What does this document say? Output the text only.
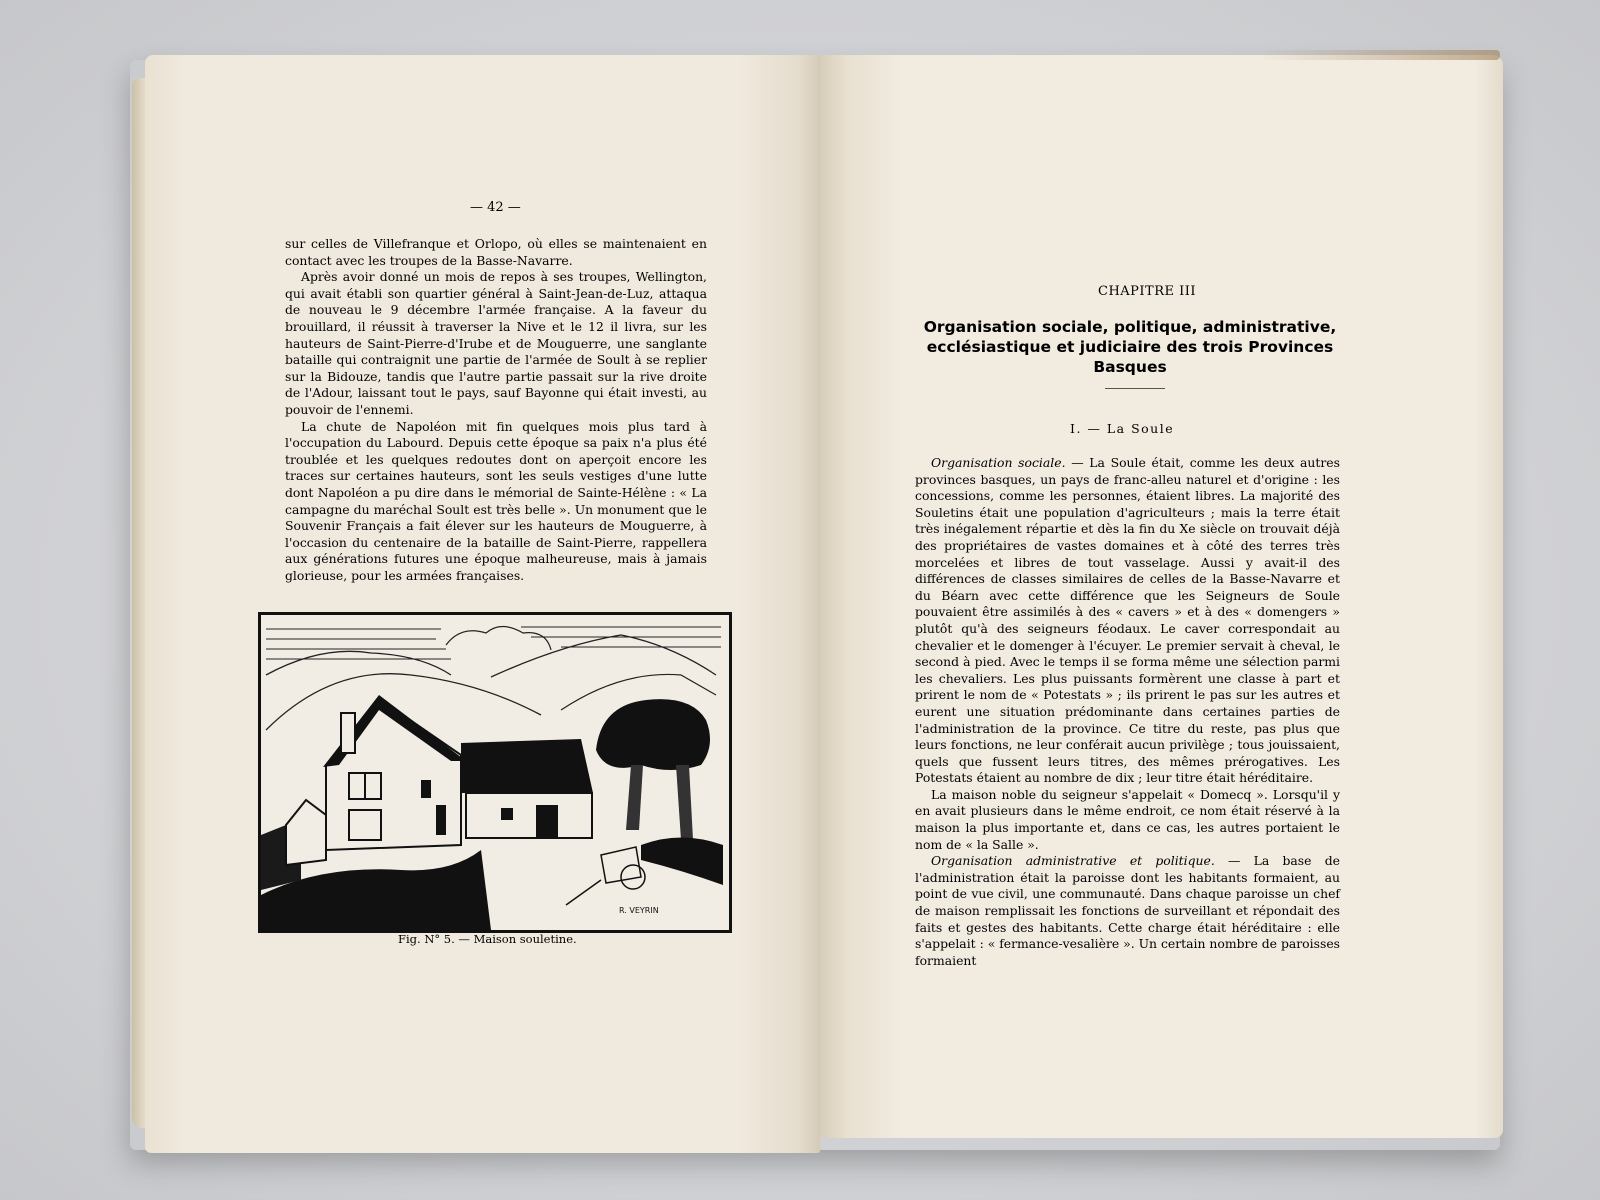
— 42 —

sur celles de Villefranque et Orlopo, où elles se maintenaient en contact avec les troupes de la Basse-Navarre.

Après avoir donné un mois de repos à ses troupes, Wellington, qui avait établi son quartier général à Saint-Jean-de-Luz, attaqua de nouveau le 9 décembre l'armée française. A la faveur du brouillard, il réussit à traverser la Nive et le 12 il livra, sur les hauteurs de Saint-Pierre-d'Irube et de Mouguerre, une sanglante bataille qui contraignit une partie de l'armée de Soult à se replier sur la Bidouze, tandis que l'autre partie passait sur la rive droite de l'Adour, laissant tout le pays, sauf Bayonne qui était investi, au pouvoir de l'ennemi.

La chute de Napoléon mit fin quelques mois plus tard à l'occupation du Labourd. Depuis cette époque sa paix n'a plus été troublée et les quelques redoutes dont on aperçoit encore les traces sur certaines hauteurs, sont les seuls vestiges d'une lutte dont Napoléon a pu dire dans le mémorial de Sainte-Hélène : « La campagne du maréchal Soult est très belle ». Un monument que le Souvenir Français a fait élever sur les hauteurs de Mouguerre, à l'occasion du centenaire de la bataille de Saint-Pierre, rappellera aux générations futures une époque malheureuse, mais à jamais glorieuse, pour les armées françaises.

R. VEYRIN
Fig. N° 5. — Maison souletine.
CHAPITRE III
Organisation sociale, politique, administrative,
ecclésiastique et judiciaire des trois Provinces
Basques
I. — La Soule

Organisation sociale. — La Soule était, comme les deux autres provinces basques, un pays de franc-alleu naturel et d'origine : les concessions, comme les personnes, étaient libres. La majorité des Souletins était une population d'agriculteurs ; mais la terre était très inégalement répartie et dès la fin du Xe siècle on trouvait déjà des propriétaires de vastes domaines et à côté des terres très morcelées et libres de tout vasselage. Aussi y avait-il des différences de classes similaires de celles de la Basse-Navarre et du Béarn avec cette différence que les Seigneurs de Soule pouvaient être assimilés à des « cavers » et à des « domengers » plutôt qu'à des seigneurs féodaux. Le caver correspondait au chevalier et le domenger à l'écuyer. Le premier servait à cheval, le second à pied. Avec le temps il se forma même une sélection parmi les chevaliers. Les plus puissants formèrent une classe à part et prirent le nom de « Potestats » ; ils prirent le pas sur les autres et eurent une situation prédominante dans certaines parties de l'administration de la province. Ce titre du reste, pas plus que leurs fonctions, ne leur conférait aucun privilège ; tous jouissaient, quels que fussent leurs titres, des mêmes prérogatives. Les Potestats étaient au nombre de dix ; leur titre était héréditaire.

La maison noble du seigneur s'appelait « Domecq ». Lorsqu'il y en avait plusieurs dans le même endroit, ce nom était réservé à la maison la plus importante et, dans ce cas, les autres portaient le nom de « la Salle ».

Organisation administrative et politique. — La base de l'administration était la paroisse dont les habitants formaient, au point de vue civil, une communauté. Dans chaque paroisse un chef de maison remplissait les fonctions de surveillant et répondait des faits et gestes des habitants. Cette charge était héréditaire : elle s'appelait : « fermance-vesalière ». Un certain nombre de paroisses formaient
